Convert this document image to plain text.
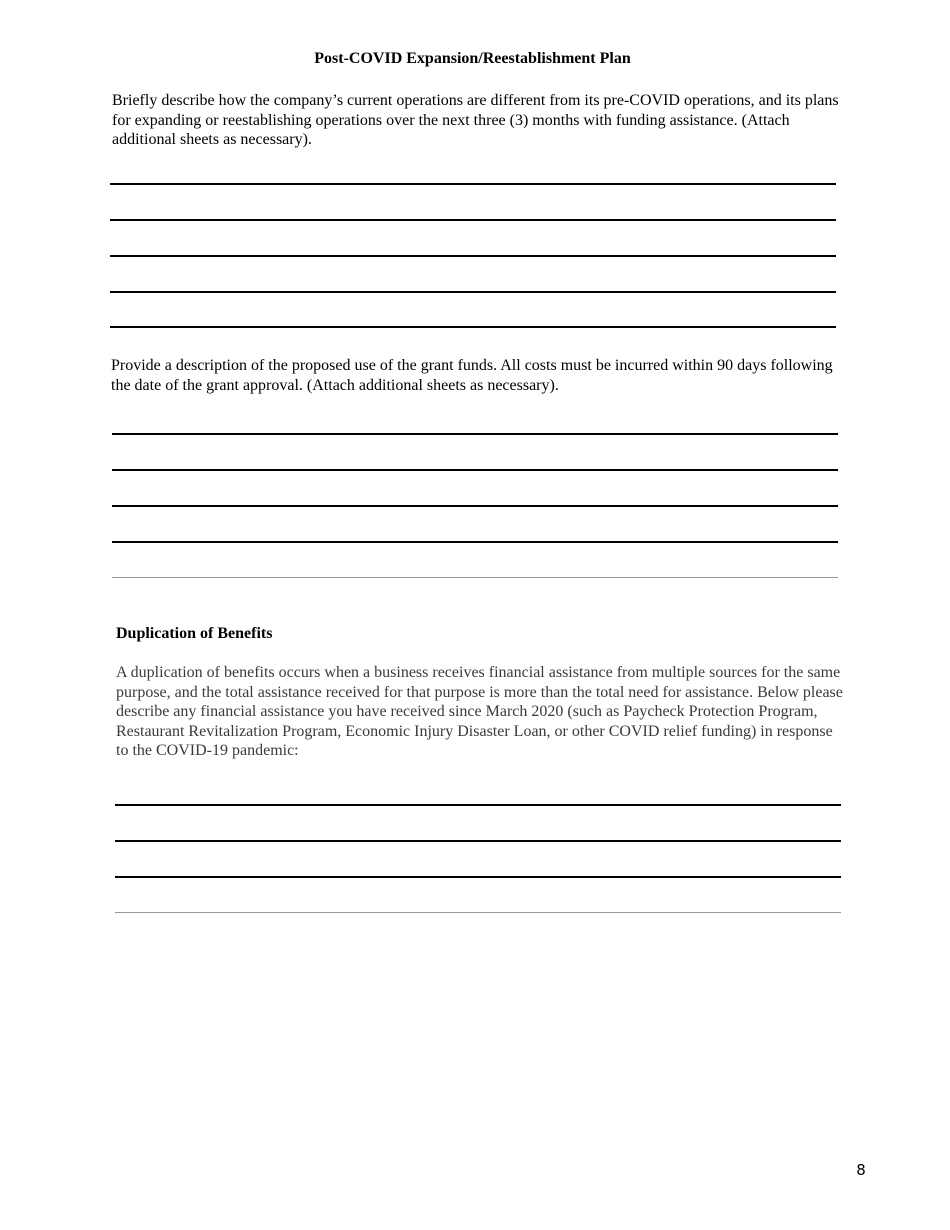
Post-COVID Expansion/Reestablishment Plan

Briefly describe how the company’s current operations are different from its pre-COVID operations, and its plans for expanding or reestablishing operations over the next three (3) months with funding assistance. (Attach additional sheets as necessary).

Provide a description of the proposed use of the grant funds. All costs must be incurred within 90 days following the date of the grant approval. (Attach additional sheets as necessary).

Duplication of Benefits

A duplication of benefits occurs when a business receives financial assistance from multiple sources for the same purpose, and the total assistance received for that purpose is more than the total need for assistance. Below please describe any financial assistance you have received since March 2020 (such as Paycheck Protection Program, Restaurant Revitalization Program, Economic Injury Disaster Loan, or other COVID relief funding) in response to the COVID-19 pandemic:

8
